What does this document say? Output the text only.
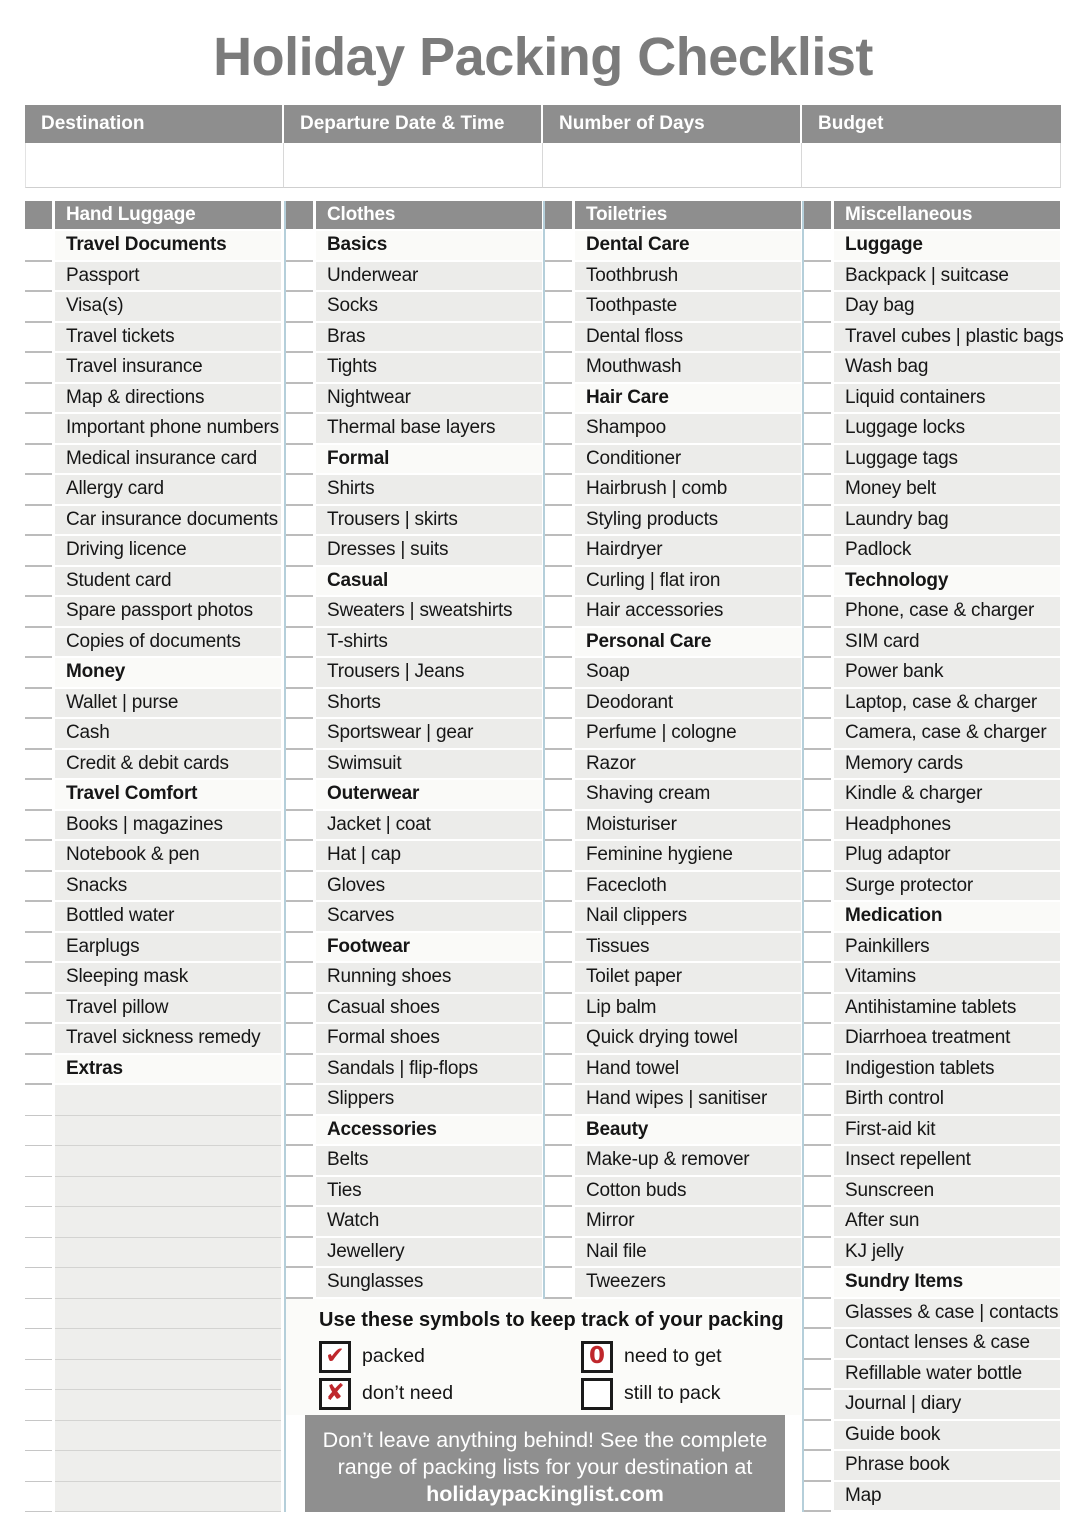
Holiday Packing Checklist
Destination	Departure Date & Time	Number of Days	Budget
Hand Luggage
Travel Documents
Passport
Visa(s)
Travel tickets
Travel insurance
Map & directions
Important phone numbers
Medical insurance card
Allergy card
Car insurance documents
Driving licence
Student card
Spare passport photos
Copies of documents
Money
Wallet | purse
Cash
Credit & debit cards
Travel Comfort
Books | magazines
Notebook & pen
Snacks
Bottled water
Earplugs
Sleeping mask
Travel pillow
Travel sickness remedy
Extras
Clothes
Basics
Underwear
Socks
Bras
Tights
Nightwear
Thermal base layers
Formal
Shirts
Trousers | skirts
Dresses | suits
Casual
Sweaters | sweatshirts
T-shirts
Trousers | Jeans
Shorts
Sportswear | gear
Swimsuit
Outerwear
Jacket | coat
Hat | cap
Gloves
Scarves
Footwear
Running shoes
Casual shoes
Formal shoes
Sandals | flip-flops
Slippers
Accessories
Belts
Ties
Watch
Jewellery
Sunglasses
Toiletries
Dental Care
Toothbrush
Toothpaste
Dental floss
Mouthwash
Hair Care
Shampoo
Conditioner
Hairbrush | comb
Styling products
Hairdryer
Curling | flat iron
Hair accessories
Personal Care
Soap
Deodorant
Perfume | cologne
Razor
Shaving cream
Moisturiser
Feminine hygiene
Facecloth
Nail clippers
Tissues
Toilet paper
Lip balm
Quick drying towel
Hand towel
Hand wipes | sanitiser
Beauty
Make-up & remover
Cotton buds
Mirror
Nail file
Tweezers
Miscellaneous
Luggage
Backpack | suitcase
Day bag
Travel cubes | plastic bags
Wash bag
Liquid containers
Luggage locks
Luggage tags
Money belt
Laundry bag
Padlock
Technology
Phone, case & charger
SIM card
Power bank
Laptop, case & charger
Camera, case & charger
Memory cards
Kindle & charger
Headphones
Plug adaptor
Surge protector
Medication
Painkillers
Vitamins
Antihistamine tablets
Diarrhoea treatment
Indigestion tablets
Birth control
First-aid kit
Insect repellent
Sunscreen
After sun
KJ jelly
Sundry Items
Glasses & case | contacts
Contact lenses & case
Refillable water bottle
Journal | diary
Guide book
Phrase book
Map
Use these symbols to keep track of your packing
✔ packed	0 need to get
✘ don’t need	still to pack
Don’t leave anything behind! See the complete
range of packing lists for your destination at
holidaypackinglist.com
